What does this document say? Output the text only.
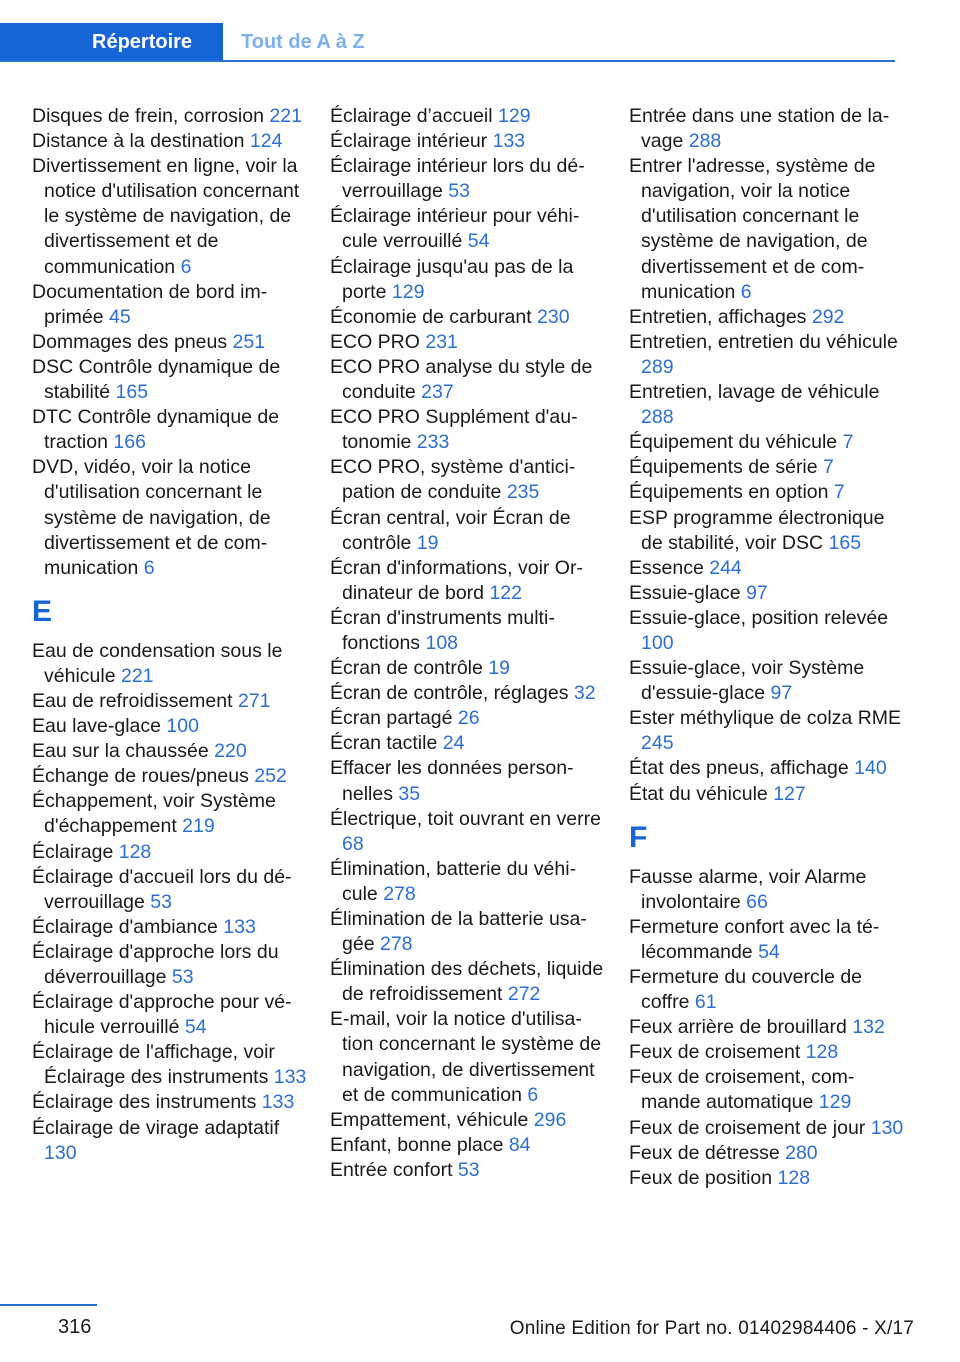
Répertoire	Tout de A à Z

Disques de frein, corrosion 221

Distance à la destination 124

Divertissement en ligne, voir la notice d'utilisation concernant le système de navigation, de divertissement et de communication 6

Documentation de bord imprimée 45

Dommages des pneus 251

DSC Contrôle dynamique de stabilité 165

DTC Contrôle dynamique de traction 166

DVD, vidéo, voir la notice d'utilisation concernant le système de navigation, de divertissement et de communication 6

E

Eau de condensation sous le véhicule 221

Eau de refroidissement 271

Eau lave-glace 100

Eau sur la chaussée 220

Échange de roues/pneus 252

Échappement, voir Système d'échappement 219

Éclairage 128

Éclairage d'accueil lors du déverrouillage 53

Éclairage d'ambiance 133

Éclairage d'approche lors du déverrouillage 53

Éclairage d'approche pour véhicule verrouillé 54

Éclairage de l'affichage, voir Éclairage des instruments 133

Éclairage des instruments 133

Éclairage de virage adaptatif 130

Éclairage d’accueil 129

Éclairage intérieur 133

Éclairage intérieur lors du déverrouillage 53

Éclairage intérieur pour véhicule verrouillé 54

Éclairage jusqu'au pas de la porte 129

Économie de carburant 230

ECO PRO 231

ECO PRO analyse du style de conduite 237

ECO PRO Supplément d'autonomie 233

ECO PRO, système d'anticipation de conduite 235

Écran central, voir Écran de contrôle 19

Écran d'informations, voir Ordinateur de bord 122

Écran d'instruments multifonctions 108

Écran de contrôle 19

Écran de contrôle, réglages 32

Écran partagé 26

Écran tactile 24

Effacer les données personnelles 35

Électrique, toit ouvrant en verre 68

Élimination, batterie du véhicule 278

Élimination de la batterie usagée 278

Élimination des déchets, liquide de refroidissement 272

E-mail, voir la notice d'utilisation concernant le système de navigation, de divertissement et de communication 6

Empattement, véhicule 296

Enfant, bonne place 84

Entrée confort 53

Entrée dans une station de lavage 288

Entrer l'adresse, système de navigation, voir la notice d'utilisation concernant le système de navigation, de divertissement et de communication 6

Entretien, affichages 292

Entretien, entretien du véhicule 289

Entretien, lavage de véhicule 288

Équipement du véhicule 7

Équipements de série 7

Équipements en option 7

ESP programme électronique de stabilité, voir DSC 165

Essence 244

Essuie-glace 97

Essuie-glace, position relevée 100

Essuie-glace, voir Système d'essuie-glace 97

Ester méthylique de colza RME 245

État des pneus, affichage 140

État du véhicule 127

F

Fausse alarme, voir Alarme involontaire 66

Fermeture confort avec la télécommande 54

Fermeture du couvercle de coffre 61

Feux arrière de brouillard 132

Feux de croisement 128

Feux de croisement, commande automatique 129

Feux de croisement de jour 130

Feux de détresse 280

Feux de position 128

316	Online Edition for Part no. 01402984406 - X/17
